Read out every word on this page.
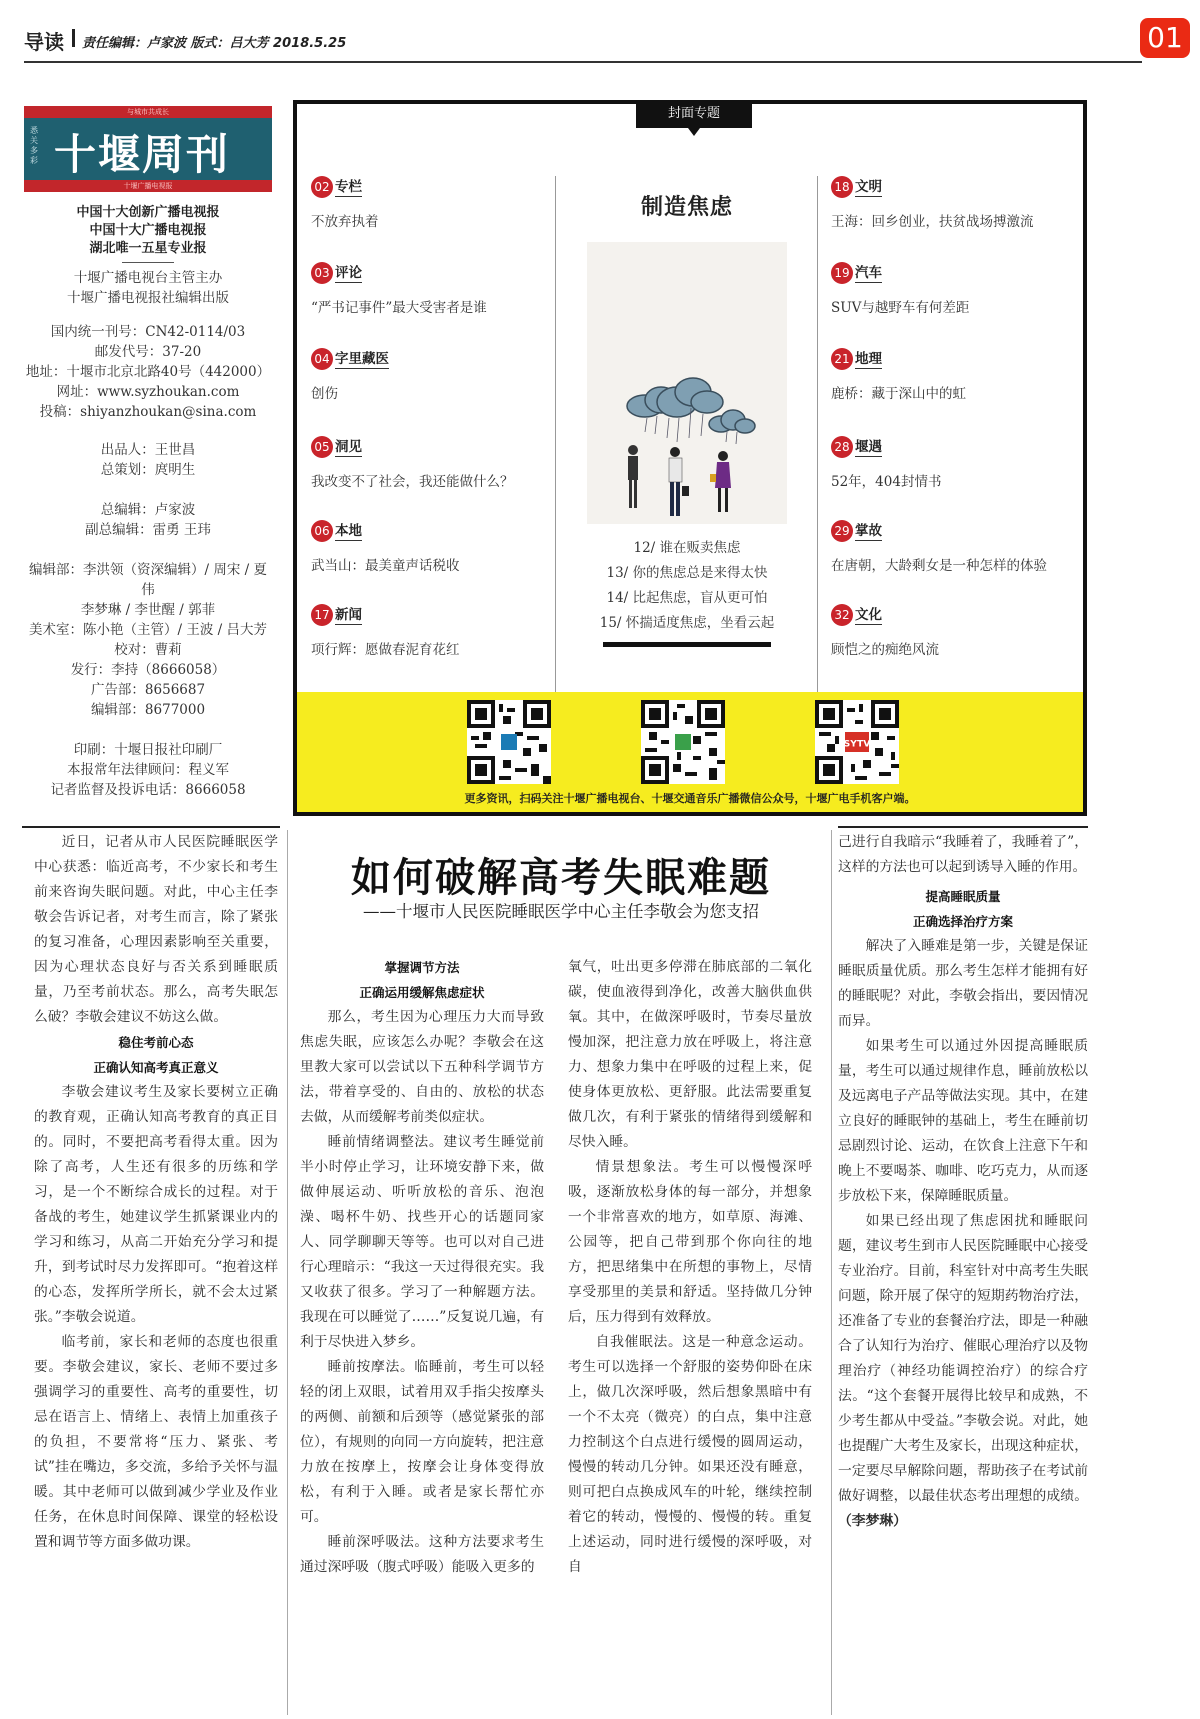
导读 责任编辑：卢家波 版式：吕大芳 2018.5.25	01
与城市共成长
悉关多彩 十堰周刊
十堰广播电视报
中国十大创新广播电视报
中国十大广播电视报
湖北唯一五星专业报
十堰广播电视台主管主办
十堰广播电视报社编辑出版
国内统一刊号：CN42-0114/03
邮发代号：37-20
地址：十堰市北京北路40号（442000）
网址：www.syzhoukan.com
投稿：shiyanzhoukan@sina.com
出品人：王世昌
总策划：庹明生
总编辑：卢家波
副总编辑：雷勇 王玮
编辑部：李洪领（资深编辑）/ 周宋 / 夏伟
李梦琳 / 李世醒 / 郭菲
美术室：陈小艳（主管）/ 王波 / 吕大芳
校对：曹莉
发行：李持（8666058）
广告部：8656687
编辑部：8677000
印刷：十堰日报社印刷厂
本报常年法律顾问：程义军
记者监督及投诉电话：8666058
封面专题
02 专栏
不放弃执着
03 评论
“严书记事件”最大受害者是谁
04 字里藏医
创伤
05 洞见
我改变不了社会，我还能做什么？
06 本地
武当山：最美童声话税收
17 新闻
项行辉：愿做春泥育花红
制造焦虑
12/ 谁在贩卖焦虑
13/ 你的焦虑总是来得太快
14/ 比起焦虑，盲从更可怕
15/ 怀揣适度焦虑，坐看云起
18 文明
王海：回乡创业，扶贫战场搏激流
19 汽车
SUV与越野车有何差距
21 地理
鹿桥：藏于深山中的虹
28 堰遇
52年，404封情书
29 掌故
在唐朝，大龄剩女是一种怎样的体验
32 文化
顾恺之的痴绝风流
SYTV
更多资讯，扫码关注十堰广播电视台、十堰交通音乐广播微信公众号，十堰广电手机客户端。
如何破解高考失眠难题
——十堰市人民医院睡眠医学中心主任李敬会为您支招

近日，记者从市人民医院睡眠医学中心获悉：临近高考，不少家长和考生前来咨询失眠问题。对此，中心主任李敬会告诉记者，对考生而言，除了紧张的复习准备，心理因素影响至关重要，因为心理状态良好与否关系到睡眠质量，乃至考前状态。那么，高考失眠怎么破？李敬会建议不妨这么做。

稳住考前心态

正确认知高考真正意义

李敬会建议考生及家长要树立正确的教育观，正确认知高考教育的真正目的。同时，不要把高考看得太重。因为除了高考，人生还有很多的历练和学习，是一个不断综合成长的过程。对于备战的考生，她建议学生抓紧课业内的学习和练习，从高二开始充分学习和提升，到考试时尽力发挥即可。“抱着这样的心态，发挥所学所长，就不会太过紧张。”李敬会说道。

临考前，家长和老师的态度也很重要。李敬会建议，家长、老师不要过多强调学习的重要性、高考的重要性，切忌在语言上、情绪上、表情上加重孩子的负担，不要常将“压力、紧张、考试”挂在嘴边，多交流，多给予关怀与温暖。其中老师可以做到减少学业及作业任务，在休息时间保障、课堂的轻松设置和调节等方面多做功课。

掌握调节方法

正确运用缓解焦虑症状

那么，考生因为心理压力大而导致焦虑失眠，应该怎么办呢？李敬会在这里教大家可以尝试以下五种科学调节方法，带着享受的、自由的、放松的状态去做，从而缓解考前类似症状。

睡前情绪调整法。建议考生睡觉前半小时停止学习，让环境安静下来，做做伸展运动、听听放松的音乐、泡泡澡、喝杯牛奶、找些开心的话题同家人、同学聊聊天等等。也可以对自己进行心理暗示：“我这一天过得很充实。我又收获了很多。学习了一种解题方法。我现在可以睡觉了……”反复说几遍，有利于尽快进入梦乡。

睡前按摩法。临睡前，考生可以轻轻的闭上双眼，试着用双手指尖按摩头的两侧、前额和后颈等（感觉紧张的部位），有规则的向同一方向旋转，把注意力放在按摩上，按摩会让身体变得放松，有利于入睡。或者是家长帮忙亦可。

睡前深呼吸法。这种方法要求考生通过深呼吸（腹式呼吸）能吸入更多的

氧气，吐出更多停滞在肺底部的二氧化碳，使血液得到净化，改善大脑供血供氧。其中，在做深呼吸时，节奏尽量放慢加深，把注意力放在呼吸上，将注意力、想象力集中在呼吸的过程上来，促使身体更放松、更舒服。此法需要重复做几次，有利于紧张的情绪得到缓解和尽快入睡。

情景想象法。考生可以慢慢深呼吸，逐渐放松身体的每一部分，并想象一个非常喜欢的地方，如草原、海滩、公园等，把自己带到那个你向往的地方，把思绪集中在所想的事物上，尽情享受那里的美景和舒适。坚持做几分钟后，压力得到有效释放。

自我催眠法。这是一种意念运动。考生可以选择一个舒服的姿势仰卧在床上，做几次深呼吸，然后想象黑暗中有一个不太亮（微亮）的白点，集中注意力控制这个白点进行缓慢的圆周运动，慢慢的转动几分钟。如果还没有睡意，则可把白点换成风车的叶轮，继续控制着它的转动，慢慢的、慢慢的转。重复上述运动，同时进行缓慢的深呼吸，对自

己进行自我暗示“我睡着了，我睡着了”，这样的方法也可以起到诱导入睡的作用。

提高睡眠质量

正确选择治疗方案

解决了入睡难是第一步，关键是保证睡眠质量优质。那么考生怎样才能拥有好的睡眠呢？对此，李敬会指出，要因情况而异。

如果考生可以通过外因提高睡眠质量，考生可以通过规律作息，睡前放松以及远离电子产品等做法实现。其中，在建立良好的睡眠钟的基础上，考生在睡前切忌剧烈讨论、运动，在饮食上注意下午和晚上不要喝茶、咖啡、吃巧克力，从而逐步放松下来，保障睡眠质量。

如果已经出现了焦虑困扰和睡眠问题，建议考生到市人民医院睡眠中心接受专业治疗。目前，科室针对中高考生失眠问题，除开展了保守的短期药物治疗法，还准备了专业的套餐治疗法，即是一种融合了认知行为治疗、催眠心理治疗以及物理治疗（神经功能调控治疗）的综合疗法。“这个套餐开展得比较早和成熟，不少考生都从中受益。”李敬会说。对此，她也提醒广大考生及家长，出现这种症状，一定要尽早解除问题，帮助孩子在考试前做好调整，以最佳状态考出理想的成绩。（李梦琳）
